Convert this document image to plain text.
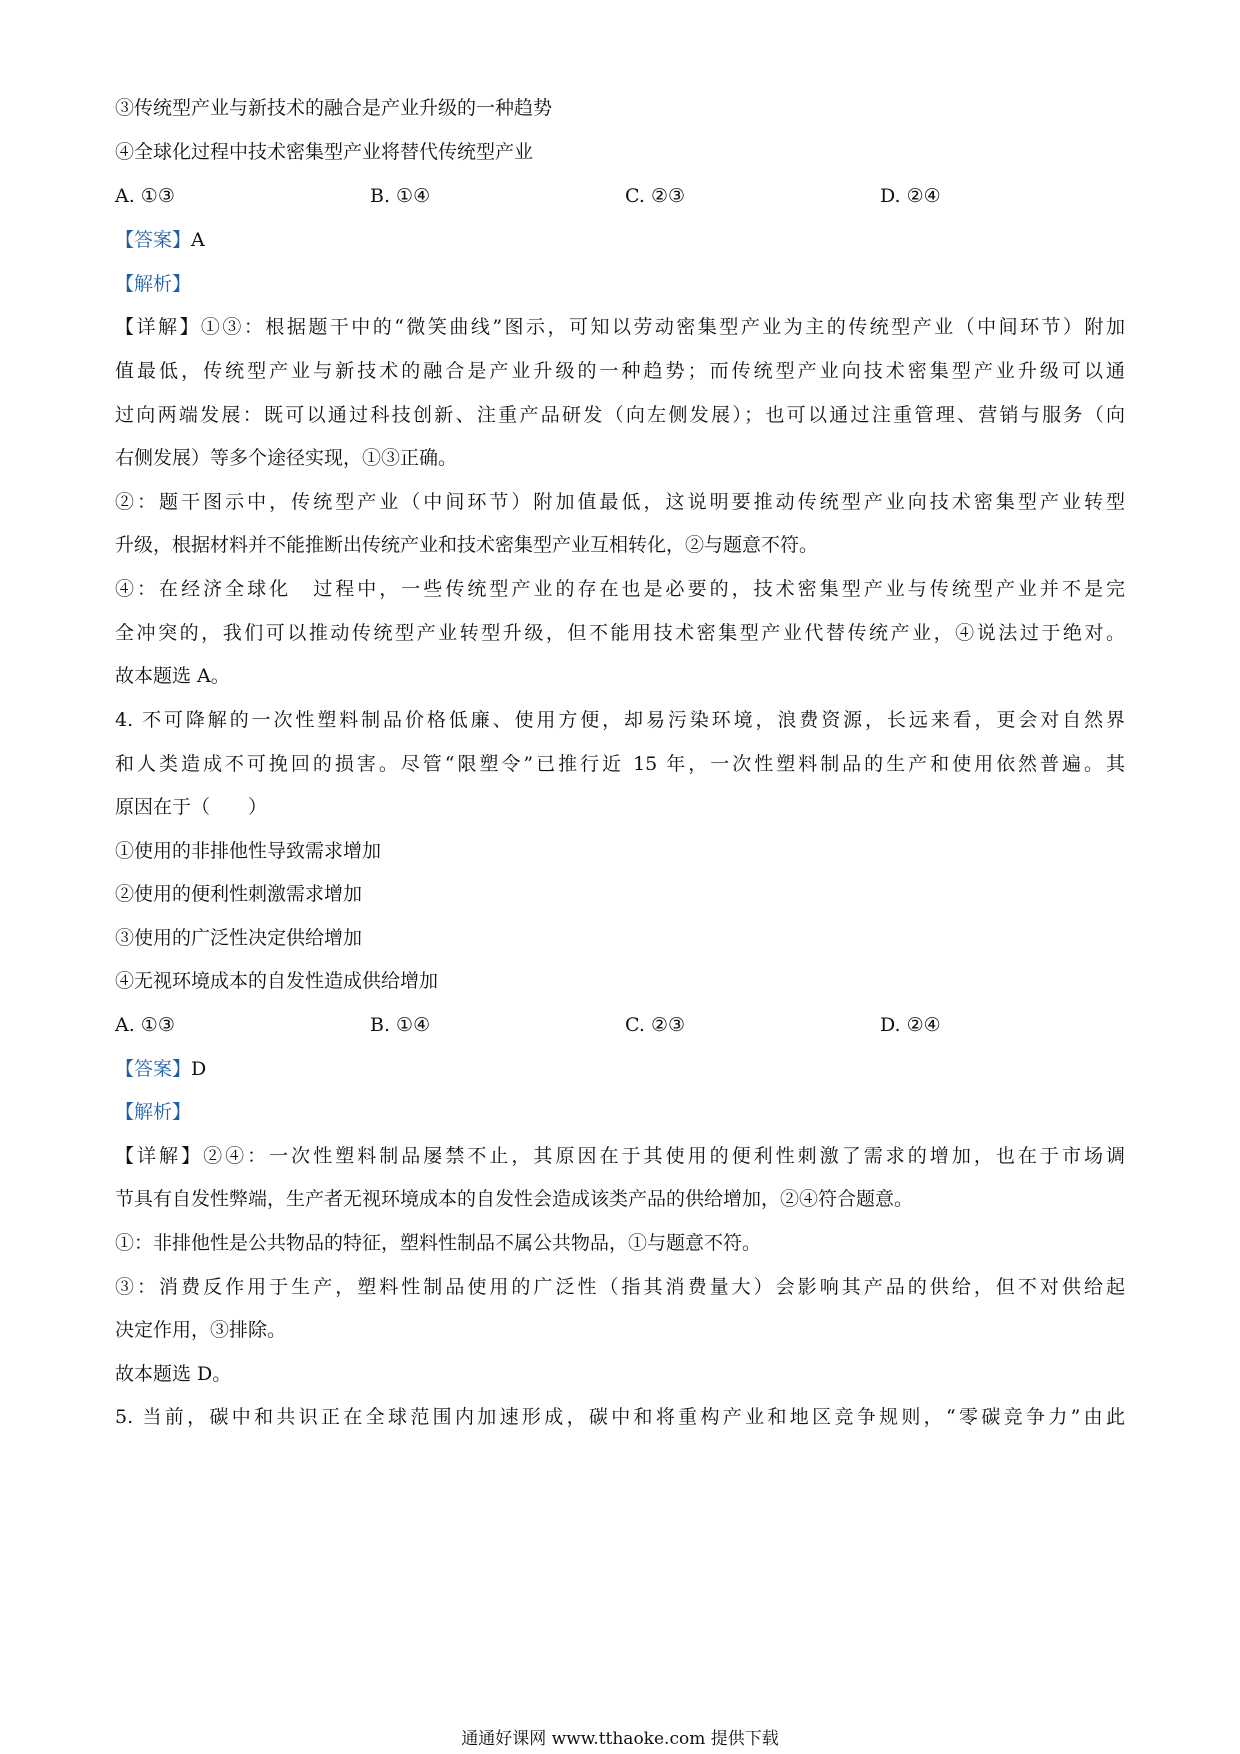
③传统型产业与新技术的融合是产业升级的一种趋势
④全球化过程中技术密集型产业将替代传统型产业
A. ①③	B. ①④	C. ②③	D. ②④
【答案】A
【解析】
【详解】①③：根据题干中的“微笑曲线”图示，可知以劳动密集型产业为主的传统型产业（中间环节）附加
值最低，传统型产业与新技术的融合是产业升级的一种趋势；而传统型产业向技术密集型产业升级可以通
过向两端发展：既可以通过科技创新、注重产品研发（向左侧发展）；也可以通过注重管理、营销与服务（向
右侧发展）等多个途径实现，①③正确。
②：题干图示中，传统型产业（中间环节）附加值最低，这说明要推动传统型产业向技术密集型产业转型
升级，根据材料并不能推断出传统产业和技术密集型产业互相转化，②与题意不符。
④：在经济全球化　过程中，一些传统型产业的存在也是必要的，技术密集型产业与传统型产业并不是完
全冲突的，我们可以推动传统型产业转型升级，但不能用技术密集型产业代替传统产业，④说法过于绝对。
故本题选 A。
4. 不可降解的一次性塑料制品价格低廉、使用方便，却易污染环境，浪费资源，长远来看，更会对自然界
和人类造成不可挽回的损害。尽管“限塑令”已推行近 15 年，一次性塑料制品的生产和使用依然普遍。其
原因在于（　　）
①使用的非排他性导致需求增加
②使用的便利性刺激需求增加
③使用的广泛性决定供给增加
④无视环境成本的自发性造成供给增加
A. ①③	B. ①④	C. ②③	D. ②④
【答案】D
【解析】
【详解】②④：一次性塑料制品屡禁不止，其原因在于其使用的便利性刺激了需求的增加，也在于市场调
节具有自发性弊端，生产者无视环境成本的自发性会造成该类产品的供给增加，②④符合题意。
①：非排他性是公共物品的特征，塑料性制品不属公共物品，①与题意不符。
③：消费反作用于生产，塑料性制品使用的广泛性（指其消费量大）会影响其产品的供给，但不对供给起
决定作用，③排除。
故本题选 D。
5. 当前，碳中和共识正在全球范围内加速形成，碳中和将重构产业和地区竞争规则，“零碳竞争力”由此
通通好课网 www.tthaoke.com 提供下载
